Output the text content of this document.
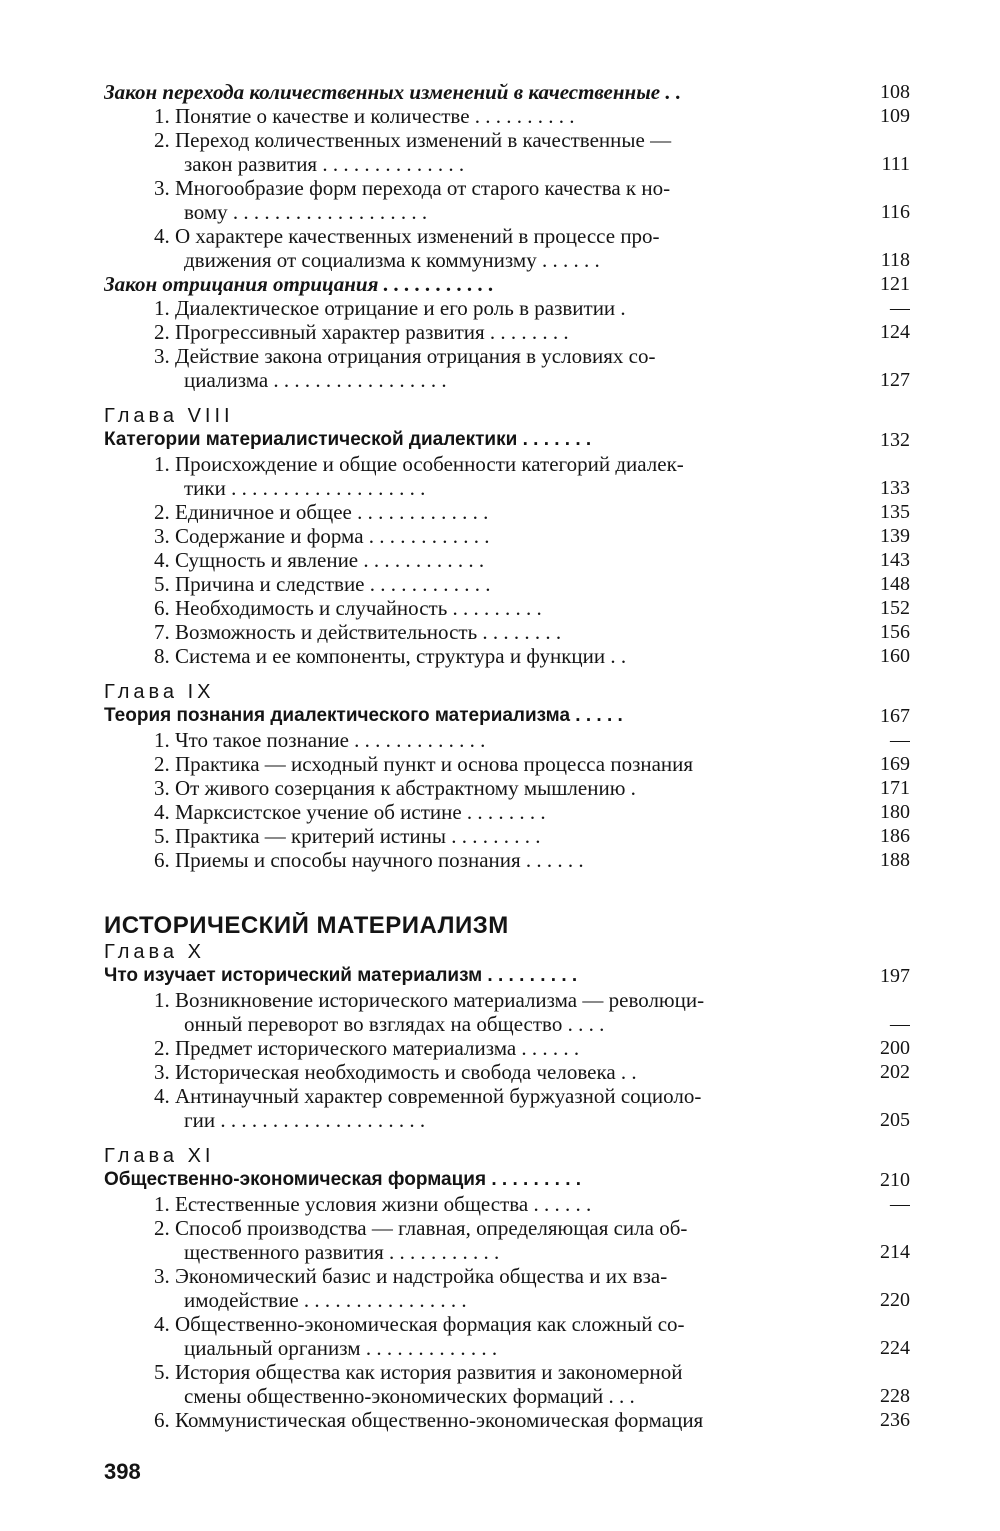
Закон перехода количественных изменений в качественные . .	108
1. Понятие о качестве и количестве . . . . . . . . . .	109
2. Переход количественных изменений в качественные —
закон развития . . . . . . . . . . . . . .	111
3. Многообразие форм перехода от старого качества к но-
вому . . . . . . . . . . . . . . . . . . .	116
4. О характере качественных изменений в процессе про-
движения от социализма к коммунизму . . . . . .	118
Закон отрицания отрицания . . . . . . . . . . .	121
1. Диалектическое отрицание и его роль в развитии .	—
2. Прогрессивный характер развития . . . . . . . .	124
3. Действие закона отрицания отрицания в условиях со-
циализма . . . . . . . . . . . . . . . . .	127
Глава VIII
Категории материалистической диалектики . . . . . . .	132
1. Происхождение и общие особенности категорий диалек-
тики . . . . . . . . . . . . . . . . . . .	133
2. Единичное и общее . . . . . . . . . . . . .	135
3. Содержание и форма . . . . . . . . . . . .	139
4. Сущность и явление . . . . . . . . . . . .	143
5. Причина и следствие . . . . . . . . . . . .	148
6. Необходимость и случайность . . . . . . . . .	152
7. Возможность и действительность . . . . . . . .	156
8. Система и ее компоненты, структура и функции . .	160
Глава IX
Теория познания диалектического материализма . . . . .	167
1. Что такое познание . . . . . . . . . . . . .	—
2. Практика — исходный пункт и основа процесса познания	169
3. От живого созерцания к абстрактному мышлению .	171
4. Марксистское учение об истине . . . . . . . .	180
5. Практика — критерий истины . . . . . . . . .	186
6. Приемы и способы научного познания . . . . . .	188
ИСТОРИЧЕСКИЙ МАТЕРИАЛИЗМ
Глава X
Что изучает исторический материализм . . . . . . . . .	197
1. Возникновение исторического материализма — революци-
онный переворот во взглядах на общество . . . .	—
2. Предмет исторического материализма . . . . . .	200
3. Историческая необходимость и свобода человека . .	202
4. Антинаучный характер современной буржуазной социоло-
гии . . . . . . . . . . . . . . . . . . . .	205
Глава XI
Общественно-экономическая формация . . . . . . . . .	210
1. Естественные условия жизни общества . . . . . .	—
2. Способ производства — главная, определяющая сила об-
щественного развития . . . . . . . . . . .	214
3. Экономический базис и надстройка общества и их вза-
имодействие . . . . . . . . . . . . . . . .	220
4. Общественно-экономическая формация как сложный со-
циальный организм . . . . . . . . . . . . .	224
5. История общества как история развития и закономерной
смены общественно-экономических формаций . . .	228
6. Коммунистическая общественно-экономическая формация	236
398
